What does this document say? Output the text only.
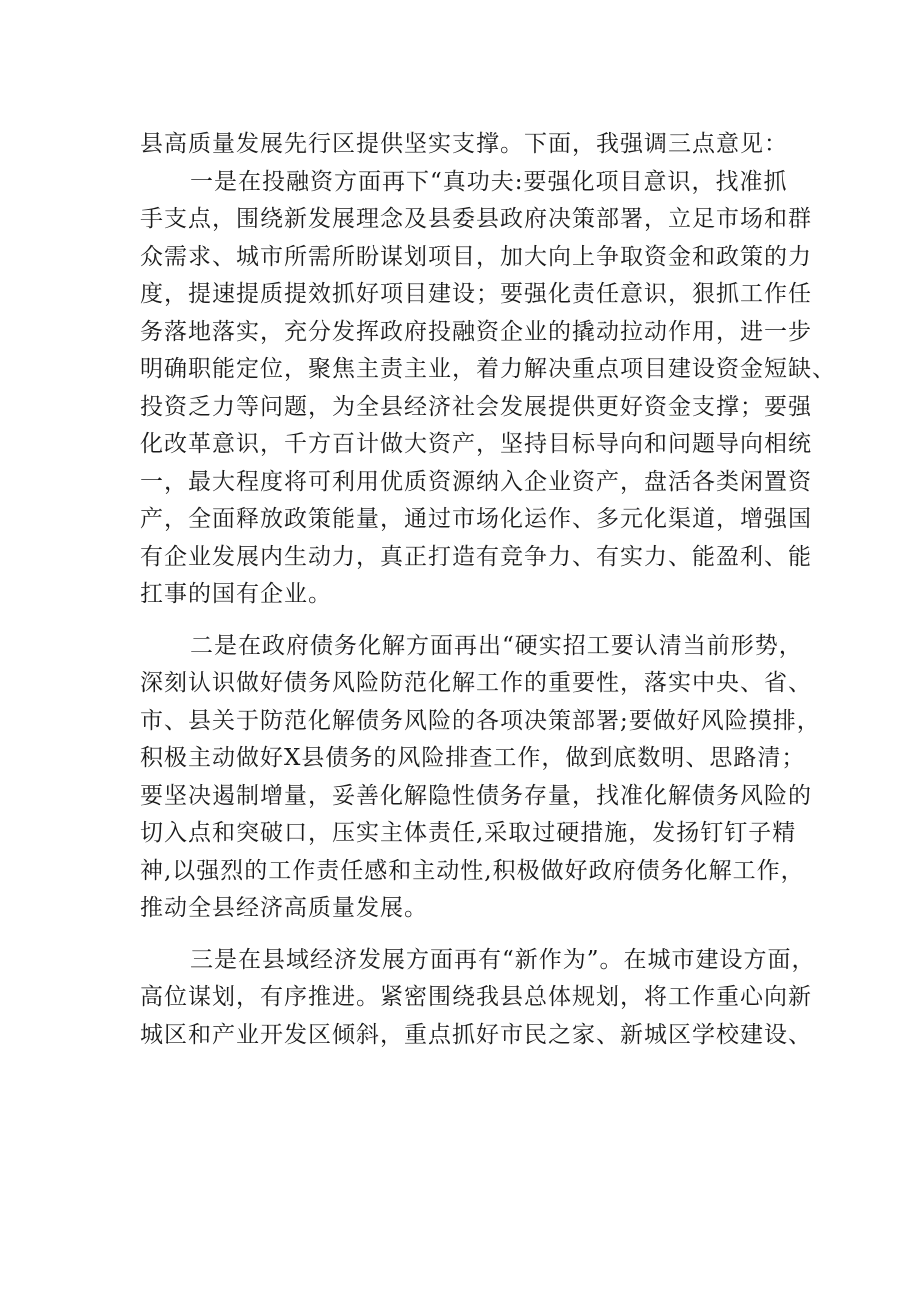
县高质量发展先行区提供坚实支撑。下面，我强调三点意见：
一是在投融资方面再下“真功夫:要强化项目意识，找准抓
手支点，围绕新发展理念及县委县政府决策部署，立足市场和群
众需求、城市所需所盼谋划项目，加大向上争取资金和政策的力
度，提速提质提效抓好项目建设；要强化责任意识，狠抓工作任
务落地落实，充分发挥政府投融资企业的撬动拉动作用，进一步
明确职能定位，聚焦主责主业，着力解决重点项目建设资金短缺、
投资乏力等问题，为全县经济社会发展提供更好资金支撑；要强
化改革意识，千方百计做大资产，坚持目标导向和问题导向相统
一，最大程度将可利用优质资源纳入企业资产，盘活各类闲置资
产，全面释放政策能量，通过市场化运作、多元化渠道，增强国
有企业发展内生动力，真正打造有竞争力、有实力、能盈利、能
扛事的国有企业。
二是在政府债务化解方面再出“硬实招工要认清当前形势，
深刻认识做好债务风险防范化解工作的重要性，落实中央、省、
市、县关于防范化解债务风险的各项决策部署;要做好风险摸排，
积极主动做好X县债务的风险排查工作，做到底数明、思路清；
要坚决遏制增量，妥善化解隐性债务存量，找准化解债务风险的
切入点和突破口，压实主体责任,采取过硬措施，发扬钉钉子精
神,以强烈的工作责任感和主动性,积极做好政府债务化解工作，
推动全县经济高质量发展。
三是在县域经济发展方面再有“新作为”。在城市建设方面，
高位谋划，有序推进。紧密围绕我县总体规划，将工作重心向新
城区和产业开发区倾斜，重点抓好市民之家、新城区学校建设、
